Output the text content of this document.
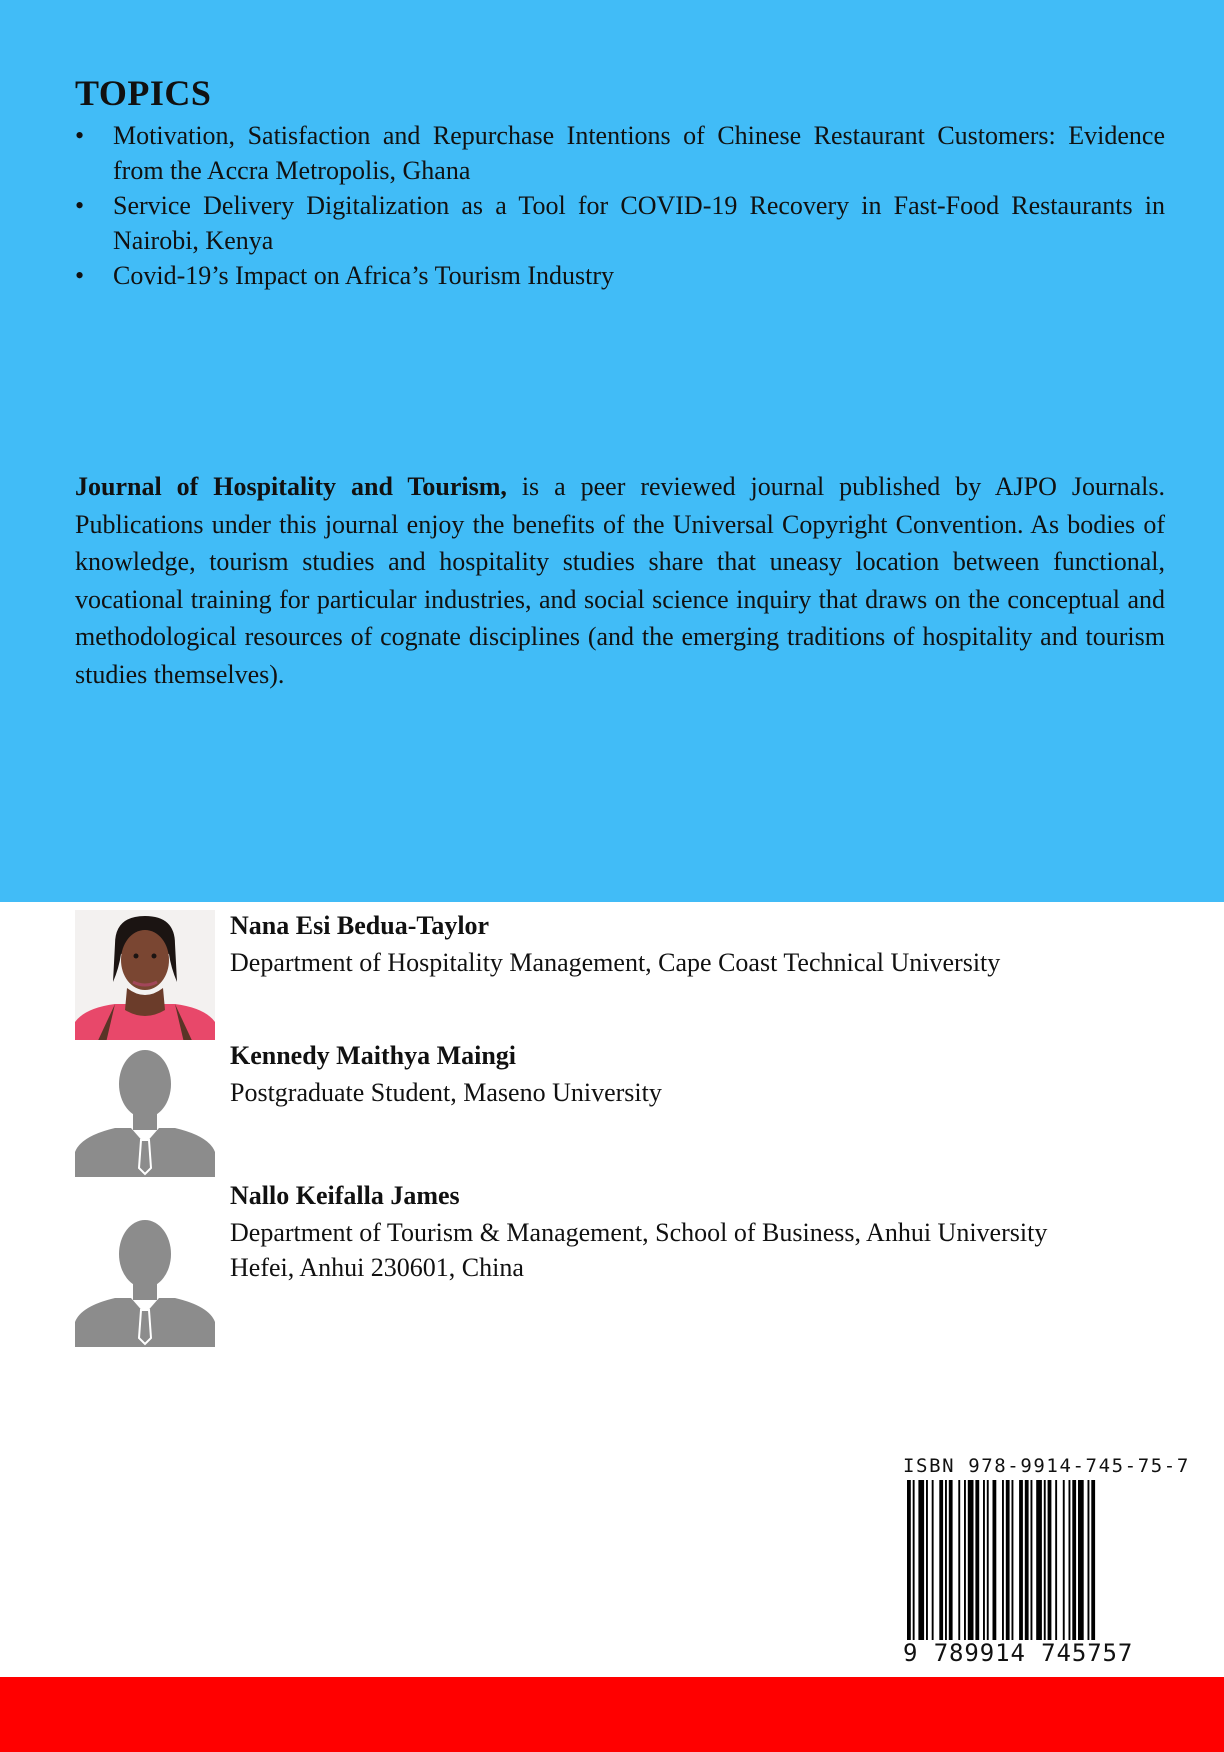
TOPICS
• Motivation, Satisfaction and Repurchase Intentions of Chinese Restaurant Customers: Evidence from the Accra Metropolis, Ghana
• Service Delivery Digitalization as a Tool for COVID-19 Recovery in Fast-Food Restaurants in Nairobi, Kenya
• Covid-19’s Impact on Africa’s Tourism Industry

Journal of Hospitality and Tourism, is a peer reviewed journal published by AJPO Journals. Publications under this journal enjoy the benefits of the Universal Copyright Convention. As bodies of knowledge, tourism studies and hospitality studies share that uneasy location between functional, vocational training for particular industries, and social science inquiry that draws on the conceptual and methodological resources of cognate disciplines (and the emerging traditions of hospitality and tourism studies themselves).

Nana Esi Bedua-Taylor

Department of Hospitality Management, Cape Coast Technical University

Kennedy Maithya Maingi

Postgraduate Student, Maseno University

Nallo Keifalla James

Department of Tourism & Management, School of Business, Anhui University
Hefei, Anhui 230601, China

ISBN 978-9914-745-75-7
9 789914 745757
